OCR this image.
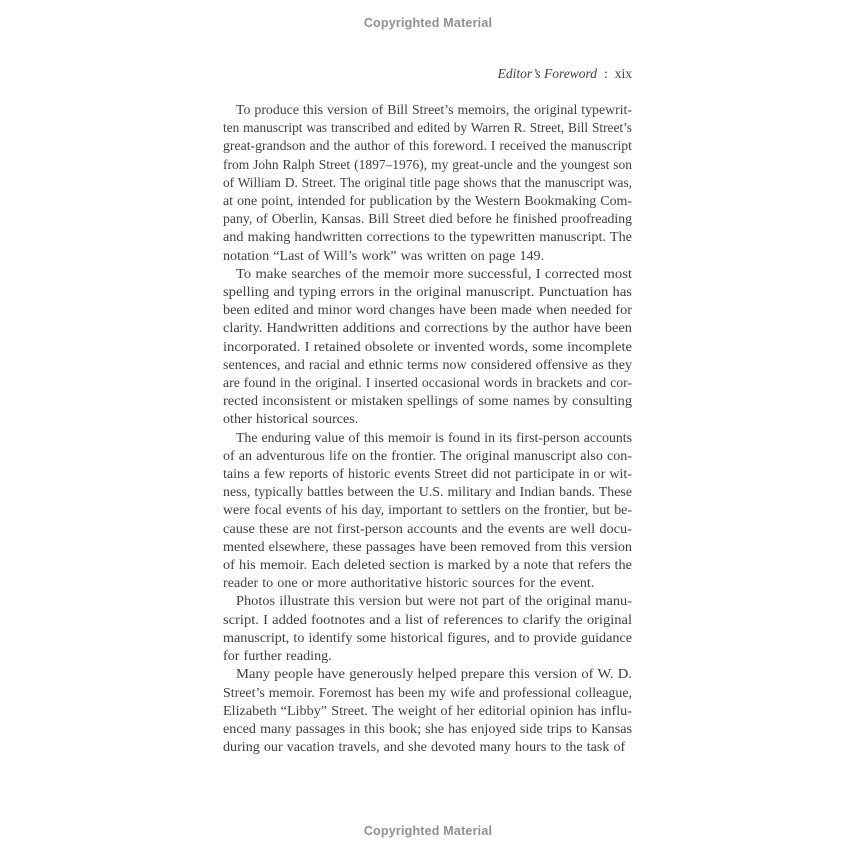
Copyrighted Material
Editor’s Foreword : xix
To produce this version of Bill Street’s memoirs, the original typewrit-
ten manuscript was transcribed and edited by Warren R. Street, Bill Street’s
great-grandson and the author of this foreword. I received the manuscript
from John Ralph Street (1897–1976), my great-uncle and the youngest son
of William D. Street. The original title page shows that the manuscript was,
at one point, intended for publication by the Western Bookmaking Com-
pany, of Oberlin, Kansas. Bill Street died before he finished proofreading
and making handwritten corrections to the typewritten manuscript. The
notation “Last of Will’s work” was written on page 149.
To make searches of the memoir more successful, I corrected most
spelling and typing errors in the original manuscript. Punctuation has
been edited and minor word changes have been made when needed for
clarity. Handwritten additions and corrections by the author have been
incorporated. I retained obsolete or invented words, some incomplete
sentences, and racial and ethnic terms now considered offensive as they
are found in the original. I inserted occasional words in brackets and cor-
rected inconsistent or mistaken spellings of some names by consulting
other historical sources.
The enduring value of this memoir is found in its first-person accounts
of an adventurous life on the frontier. The original manuscript also con-
tains a few reports of historic events Street did not participate in or wit-
ness, typically battles between the U.S. military and Indian bands. These
were focal events of his day, important to settlers on the frontier, but be-
cause these are not first-person accounts and the events are well docu-
mented elsewhere, these passages have been removed from this version
of his memoir. Each deleted section is marked by a note that refers the
reader to one or more authoritative historic sources for the event.
Photos illustrate this version but were not part of the original manu-
script. I added footnotes and a list of references to clarify the original
manuscript, to identify some historical figures, and to provide guidance
for further reading.
Many people have generously helped prepare this version of W. D.
Street’s memoir. Foremost has been my wife and professional colleague,
Elizabeth “Libby” Street. The weight of her editorial opinion has influ-
enced many passages in this book; she has enjoyed side trips to Kansas
during our vacation travels, and she devoted many hours to the task of
Copyrighted Material
